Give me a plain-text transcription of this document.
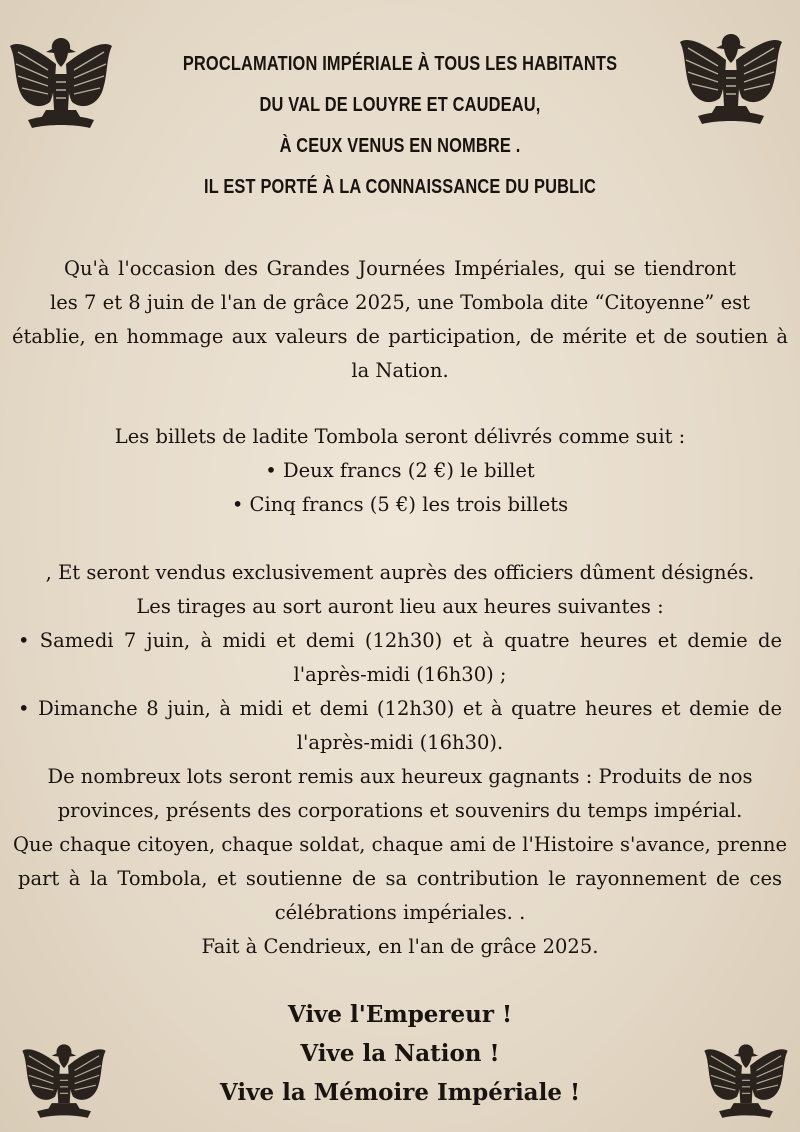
PROCLAMATION IMPÉRIALE À TOUS LES HABITANTS
DU VAL DE LOUYRE ET CAUDEAU,
À CEUX VENUS EN NOMBRE .
IL EST PORTÉ À LA CONNAISSANCE DU PUBLIC
Qu'à l'occasion des Grandes Journées Impériales, qui se tiendront
les 7 et 8 juin de l'an de grâce 2025, une Tombola dite “Citoyenne” est
établie, en hommage aux valeurs de participation, de mérite et de soutien à
la Nation.
Les billets de ladite Tombola seront délivrés comme suit :
• Deux francs (2 €) le billet
• Cinq francs (5 €) les trois billets
, Et seront vendus exclusivement auprès des officiers dûment désignés.
Les tirages au sort auront lieu aux heures suivantes :
• Samedi 7 juin, à midi et demi (12h30) et à quatre heures et demie de
l'après-midi (16h30) ;
• Dimanche 8 juin, à midi et demi (12h30) et à quatre heures et demie de
l'après-midi (16h30).
De nombreux lots seront remis aux heureux gagnants : Produits de nos
provinces, présents des corporations et souvenirs du temps impérial.
Que chaque citoyen, chaque soldat, chaque ami de l'Histoire s'avance, prenne
part à la Tombola, et soutienne de sa contribution le rayonnement de ces
célébrations impériales. .
Fait à Cendrieux, en l'an de grâce 2025.
Vive l'Empereur !
Vive la Nation !
Vive la Mémoire Impériale !
